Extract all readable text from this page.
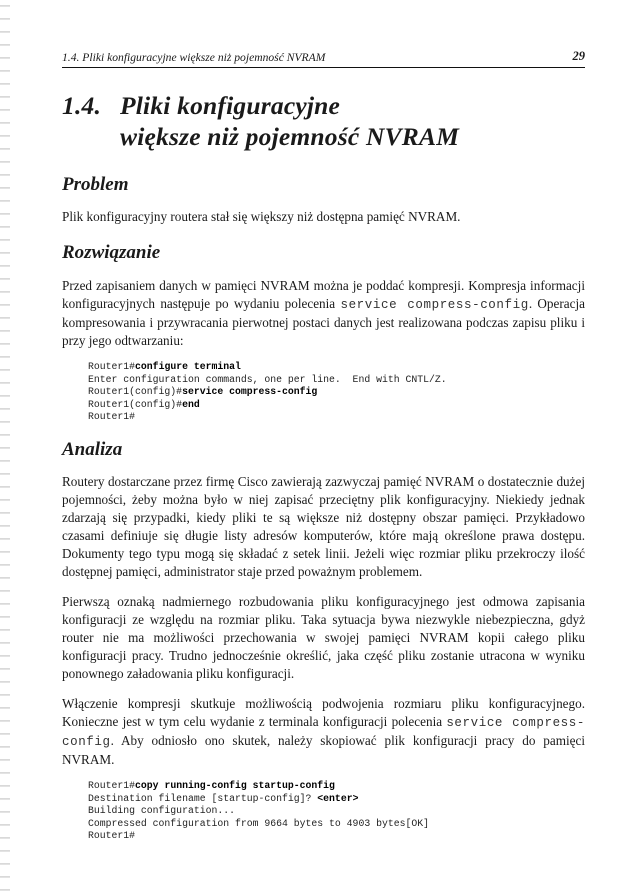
1.4. Pliki konfiguracyjne większe niż pojemność NVRAM	29
1.4. Pliki konfiguracyjne
większe niż pojemność NVRAM
Problem

Plik konfiguracyjny routera stał się większy niż dostępna pamięć NVRAM.

Rozwiązanie

Przed zapisaniem danych w pamięci NVRAM można je poddać kompresji. Kompresja informacji konfiguracyjnych następuje po wydaniu polecenia service compress-config. Operacja kompresowania i przywracania pierwotnej postaci danych jest realizowana podczas zapisu pliku i przy jego odtwarzaniu:

Router1#configure terminal
Enter configuration commands, one per line.  End with CNTL/Z.
Router1(config)#service compress-config
Router1(config)#end
Router1#
Analiza

Routery dostarczane przez firmę Cisco zawierają zazwyczaj pamięć NVRAM o dostatecznie dużej pojemności, żeby można było w niej zapisać przeciętny plik konfiguracyjny. Niekiedy jednak zdarzają się przypadki, kiedy pliki te są większe niż dostępny obszar pamięci. Przykładowo czasami definiuje się długie listy adresów komputerów, które mają określone prawa dostępu. Dokumenty tego typu mogą się składać z setek linii. Jeżeli więc rozmiar pliku przekroczy ilość dostępnej pamięci, administrator staje przed poważnym problemem.

Pierwszą oznaką nadmiernego rozbudowania pliku konfiguracyjnego jest odmowa zapisania konfiguracji ze względu na rozmiar pliku. Taka sytuacja bywa niezwykle niebezpieczna, gdyż router nie ma możliwości przechowania w swojej pamięci NVRAM kopii całego pliku konfiguracji pracy. Trudno jednocześnie określić, jaka część pliku zostanie utracona w wyniku ponownego załadowania pliku konfiguracji.

Włączenie kompresji skutkuje możliwością podwojenia rozmiaru pliku konfiguracyjnego. Konieczne jest w tym celu wydanie z terminala konfiguracji polecenia service compress-config. Aby odniosło ono skutek, należy skopiować plik konfiguracji pracy do pamięci NVRAM.

Router1#copy running-config startup-config
Destination filename [startup-config]? <enter>
Building configuration...
Compressed configuration from 9664 bytes to 4903 bytes[OK]
Router1#
